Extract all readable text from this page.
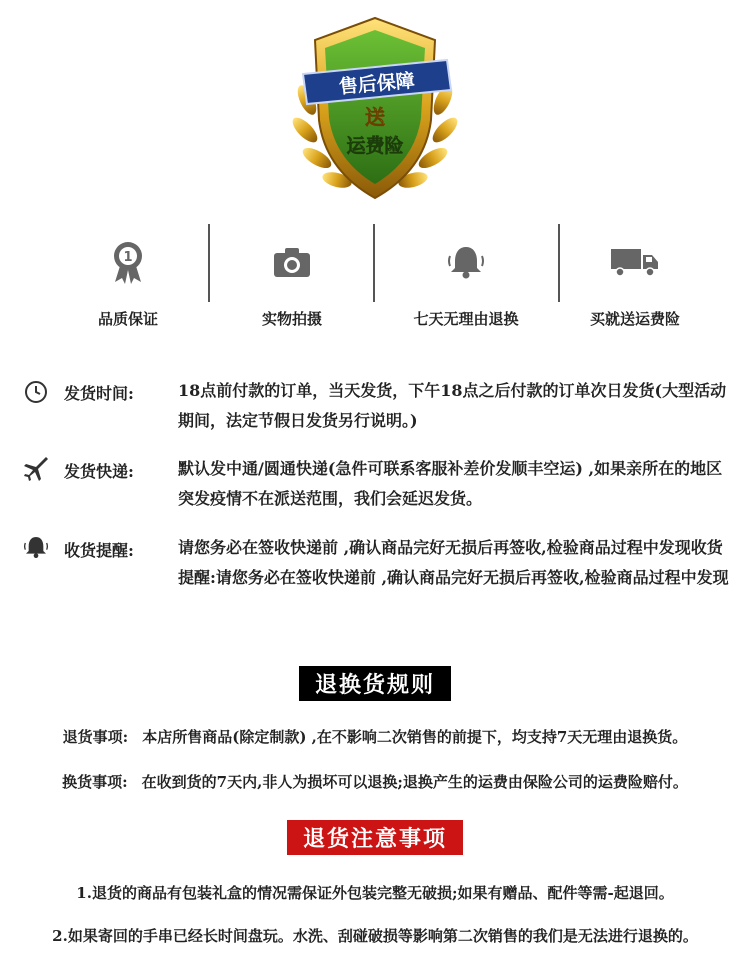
售后保障
送
运费险
1
品质保证	实物拍摄	七天无理由退换	买就送运费险
发货时间:	18点前付款的订单，当天发货，下午18点之后付款的订单次日发货(大型活动期间，法定节假日发货另行说明。)
发货快递:	默认发中通/圆通快递(急件可联系客服补差价发顺丰空运) ,如果亲所在的地区突发疫情不在派送范围，我们会延迟发货。
收货提醒:	请您务必在签收快递前 ,确认商品完好无损后再签收,检验商品过程中发现收货提醒:请您务必在签收快递前 ,确认商品完好无损后再签收,检验商品过程中发现
退换货规则
退货事项: 本店所售商品(除定制款) ,在不影响二次销售的前提下，均支持7天无理由退换货。
换货事项: 在收到货的7天内,非人为损坏可以退换;退换产生的运费由保险公司的运费险赔付。
退货注意事项
1.退货的商品有包装礼盒的情况需保证外包装完整无破损;如果有赠品、配件等需-起退回。
2.如果寄回的手串已经长时间盘玩。水洗、刮碰破损等影响第二次销售的我们是无法进行退换的。
